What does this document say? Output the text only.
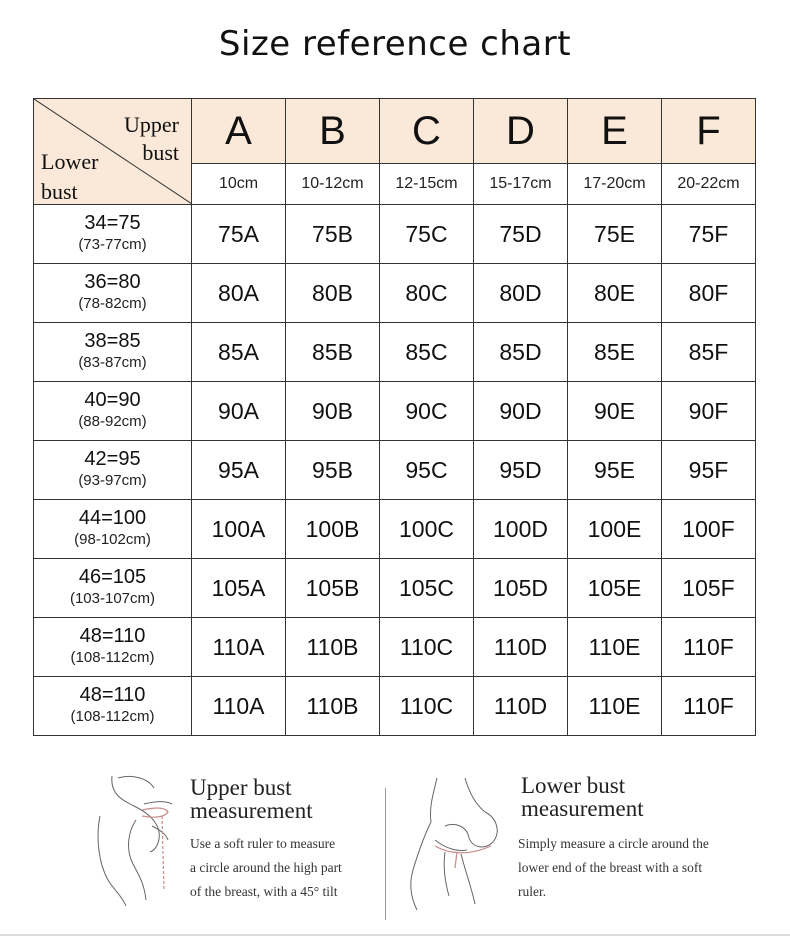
Size reference chart
Upper
bust
Lower
bust	A	B	C	D	E	F
	10cm	10-12cm	12-15cm	15-17cm	17-20cm	20-22cm

34=75
(73-77cm)	75A	75B	75C	75D	75E	75F

36=80
(78-82cm)	80A	80B	80C	80D	80E	80F

38=85
(83-87cm)	85A	85B	85C	85D	85E	85F

40=90
(88-92cm)	90A	90B	90C	90D	90E	90F

42=95
(93-97cm)	95A	95B	95C	95D	95E	95F

44=100
(98-102cm)	100A	100B	100C	100D	100E	100F

46=105
(103-107cm)	105A	105B	105C	105D	105E	105F

48=110
(108-112cm)	110A	110B	110C	110D	110E	110F

48=110
(108-112cm)	110A	110B	110C	110D	110E	110F
Upper bust
measurement
Use a soft ruler to measure
a circle around the high part
of the breast, with a 45° tilt
Lower bust
measurement
Simply measure a circle around the
lower end of the breast with a soft
ruler.
